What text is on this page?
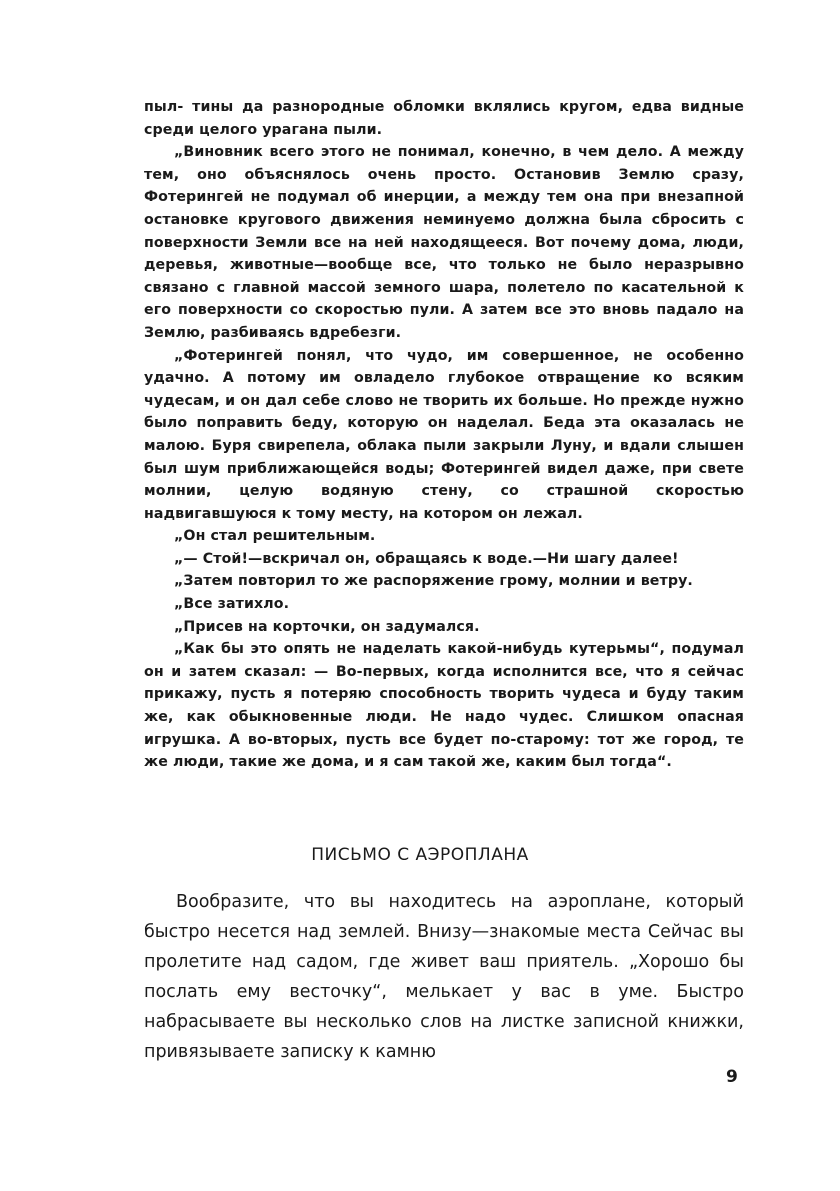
пыл- тины да разнородные обломки вклялись кругом, едва видные среди целого урагана пыли.

„Виновник всего этого не понимал, конечно, в чем дело. А между тем, оно объяснялось очень просто. Остановив Землю сразу, Фотерингей не подумал об инерции, а между тем она при внезапной остановке кругового движения неминуемо должна была сбросить с поверхности Земли все на ней находящееся. Вот почему дома, люди, деревья, животные—вообще все, что только не было неразрывно связано с главной массой земного шара, полетело по касательной к его поверхности со скоростью пули. А затем все это вновь падало на Землю, разбиваясь вдребезги.

„Фотерингей понял, что чудо, им совершенное, не особенно удачно. А потому им овладело глубокое отвращение ко всяким чудесам, и он дал себе слово не творить их больше. Но прежде нужно было поправить беду, которую он наделал. Беда эта оказалась не малою. Буря свирепела, облака пыли закрыли Луну, и вдали слышен был шум приближающейся воды; Фотерингей видел даже, при свете молнии, целую водяную стену, со страшной скоростью надвигавшуюся к тому месту, на котором он лежал.

„Он стал решительным.

„— Стой!—вскричал он, обращаясь к воде.—Ни шагу далее!

„Затем повторил то же распоряжение грому, молнии и ветру.

„Все затихло.

„Присев на корточки, он задумался.

„Как бы это опять не наделать какой-нибудь кутерьмы“, подумал он и затем сказал: — Во-первых, когда исполнится все, что я сейчас прикажу, пусть я потеряю способность творить чудеса и буду таким же, как обыкновенные люди. Не надо чудес. Слишком опасная игрушка. А во-вторых, пусть все будет по-старому: тот же город, те же люди, такие же дома, и я сам такой же, каким был тогда“.

ПИСЬМО С АЭРОПЛАНА

Вообразите, что вы находитесь на аэроплане, который быстро несется над землей. Внизу—знакомые места Сейчас вы пролетите над садом, где живет ваш приятель. „Хорошо бы послать ему весточку“, мелькает у вас в уме. Быстро набрасываете вы несколько слов на листке записной книжки, привязываете записку к камню

9
